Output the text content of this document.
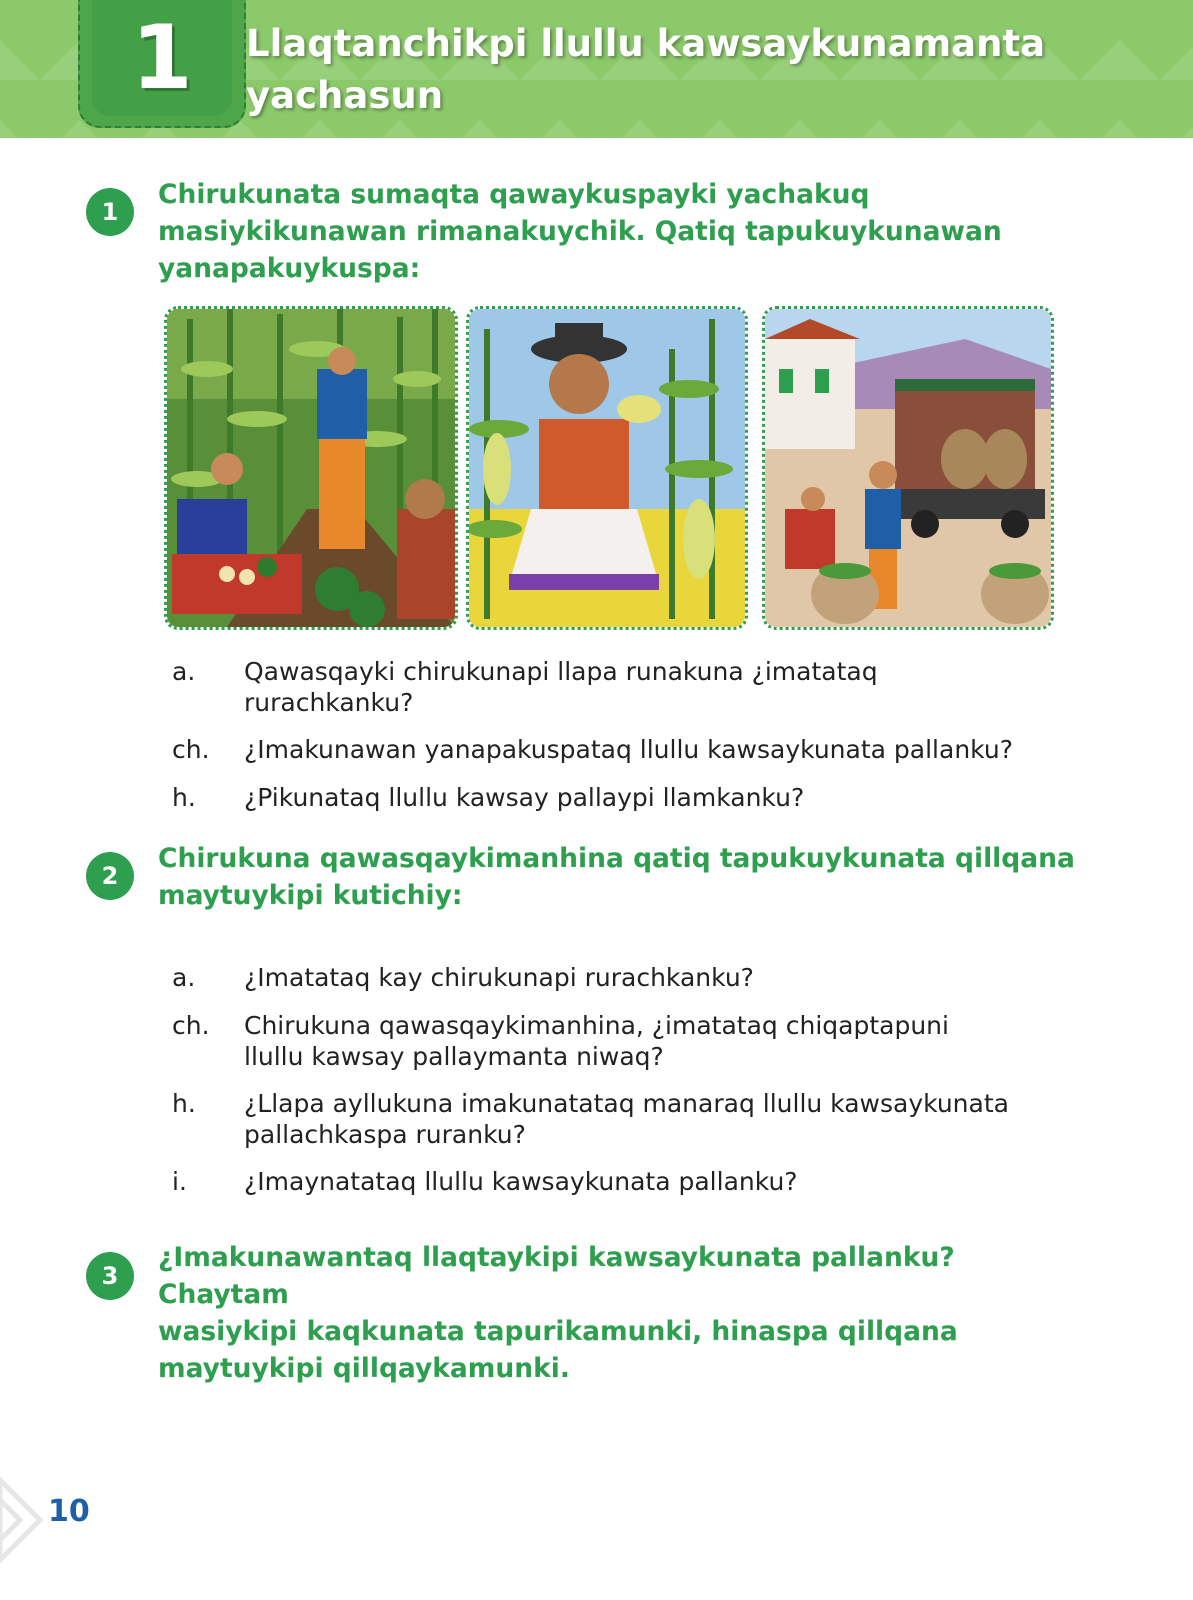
1 Llaqtanchikpi llullu kawsaykunamanta
yachasun
1
Chirukunata sumaqta qawaykuspayki yachakuq
masiykikunawan rimanakuychik. Qatiq tapukuykunawan
yanapakuykuspa:
a.	Qawasqayki chirukunapi llapa runakuna ¿imatataq
rurachkanku?
ch.	¿Imakunawan yanapakuspataq llullu kawsaykunata pallanku?
h.	¿Pikunataq llullu kawsay pallaypi llamkanku?
2
Chirukuna qawasqaykimanhina qatiq tapukuykunata qillqana
maytuykipi kutichiy:
a.	¿Imatataq kay chirukunapi rurachkanku?
ch.	Chirukuna qawasqaykimanhina, ¿imatataq chiqaptapuni
llullu kawsay pallaymanta niwaq?
h.	¿Llapa ayllukuna imakunatataq manaraq llullu kawsaykunata
pallachkaspa ruranku?
i.	¿Imaynatataq llullu kawsaykunata pallanku?
3
¿Imakunawantaq llaqtaykipi kawsaykunata pallanku? Chaytam
wasiykipi kaqkunata tapurikamunki, hinaspa qillqana
maytuykipi qillqaykamunki.
10
